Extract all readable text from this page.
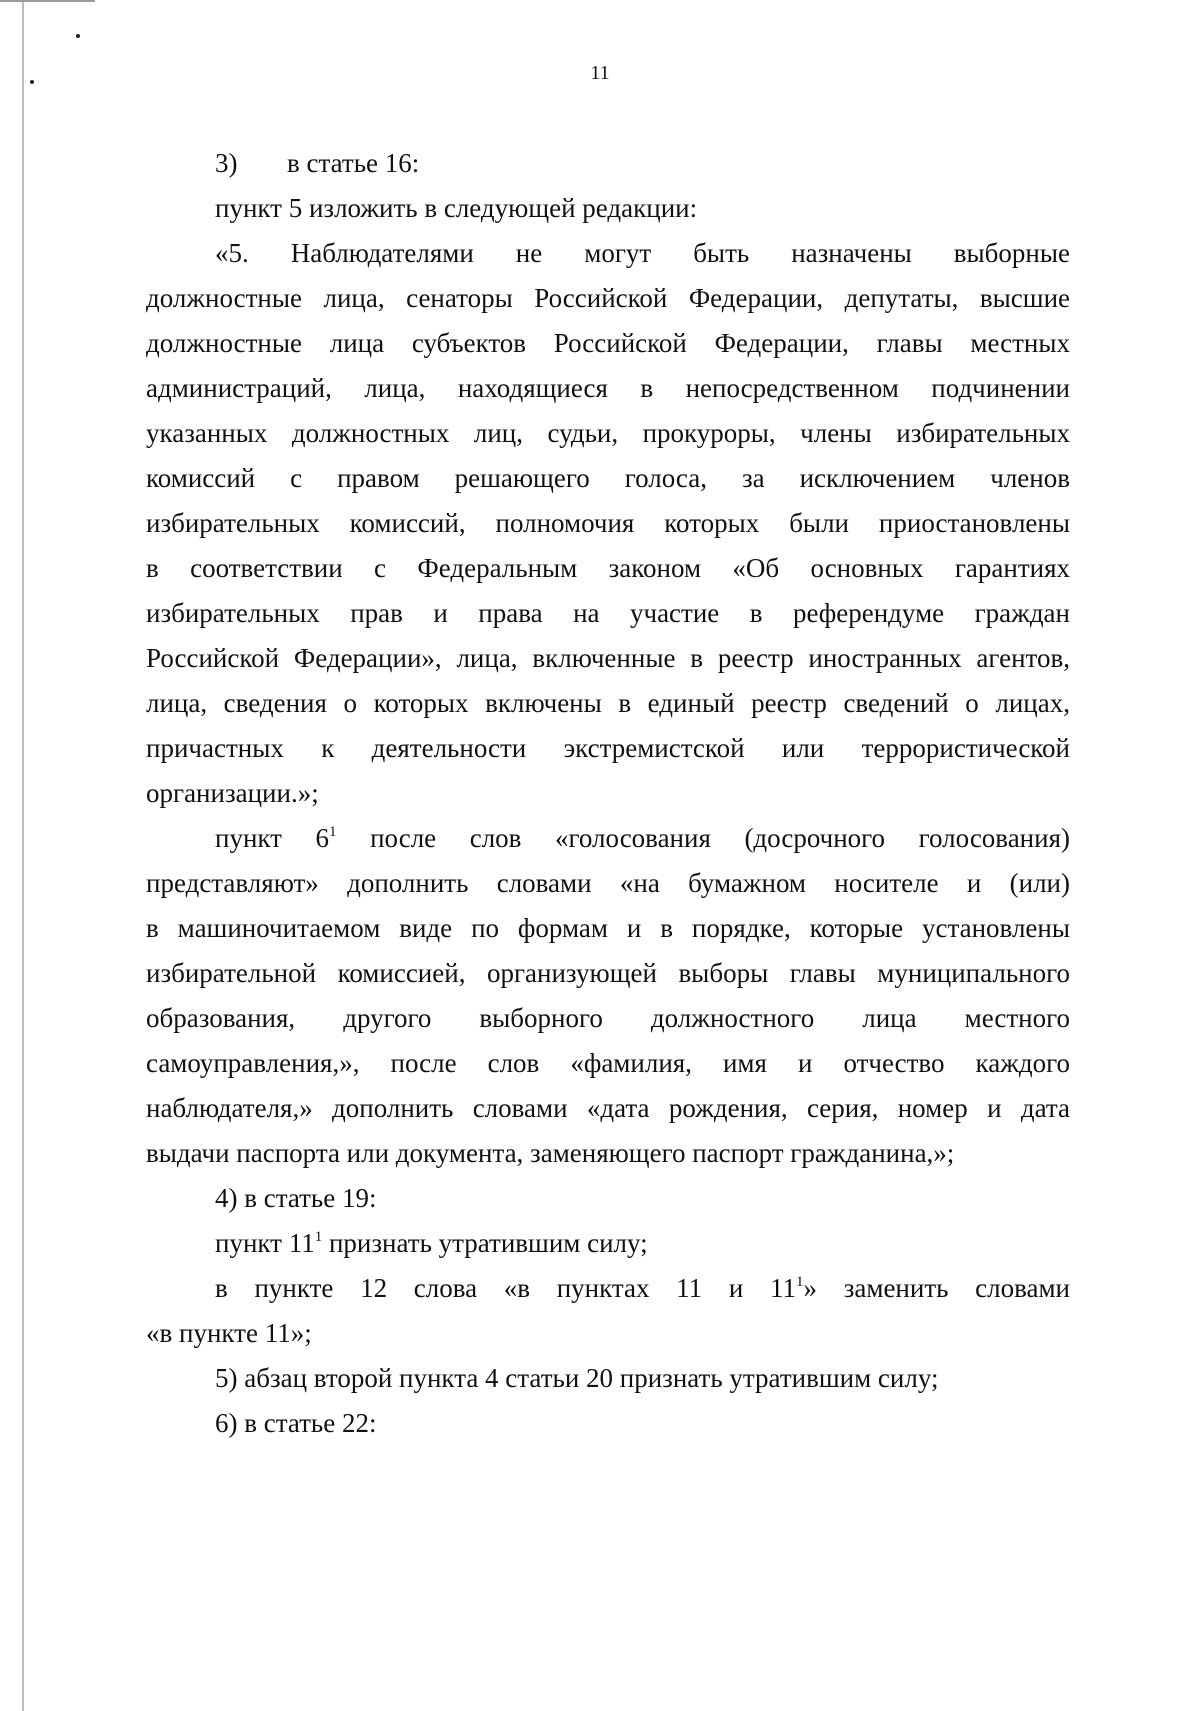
11
3) в статье 16:
пункт 5 изложить в следующей редакции:
«5. Наблюдателями не могут быть назначены выборные
должностные лица, сенаторы Российской Федерации, депутаты, высшие
должностные лица субъектов Российской Федерации, главы местных
администраций, лица, находящиеся в непосредственном подчинении
указанных должностных лиц, судьи, прокуроры, члены избирательных
комиссий с правом решающего голоса, за исключением членов
избирательных комиссий, полномочия которых были приостановлены
в соответствии с Федеральным законом «Об основных гарантиях
избирательных прав и права на участие в референдуме граждан
Российской Федерации», лица, включенные в реестр иностранных агентов,
лица, сведения о которых включены в единый реестр сведений о лицах,
причастных к деятельности экстремистской или террористической
организации.»;
пункт $6^1$ после слов «голосования (досрочного голосования)
представляют» дополнить словами «на бумажном носителе и (или)
в машиночитаемом виде по формам и в порядке, которые установлены
избирательной комиссией, организующей выборы главы муниципального
образования, другого выборного должностного лица местного
самоуправления,», после слов «фамилия, имя и отчество каждого
наблюдателя,» дополнить словами «дата рождения, серия, номер и дата
выдачи паспорта или документа, заменяющего паспорт гражданина,»;
4) в статье 19:
пункт $11^1$ признать утратившим силу;
в пункте 12 слова «в пунктах 11 и $11^1$» заменить словами
«в пункте 11»;
5) абзац второй пункта 4 статьи 20 признать утратившим силу;
6) в статье 22:
